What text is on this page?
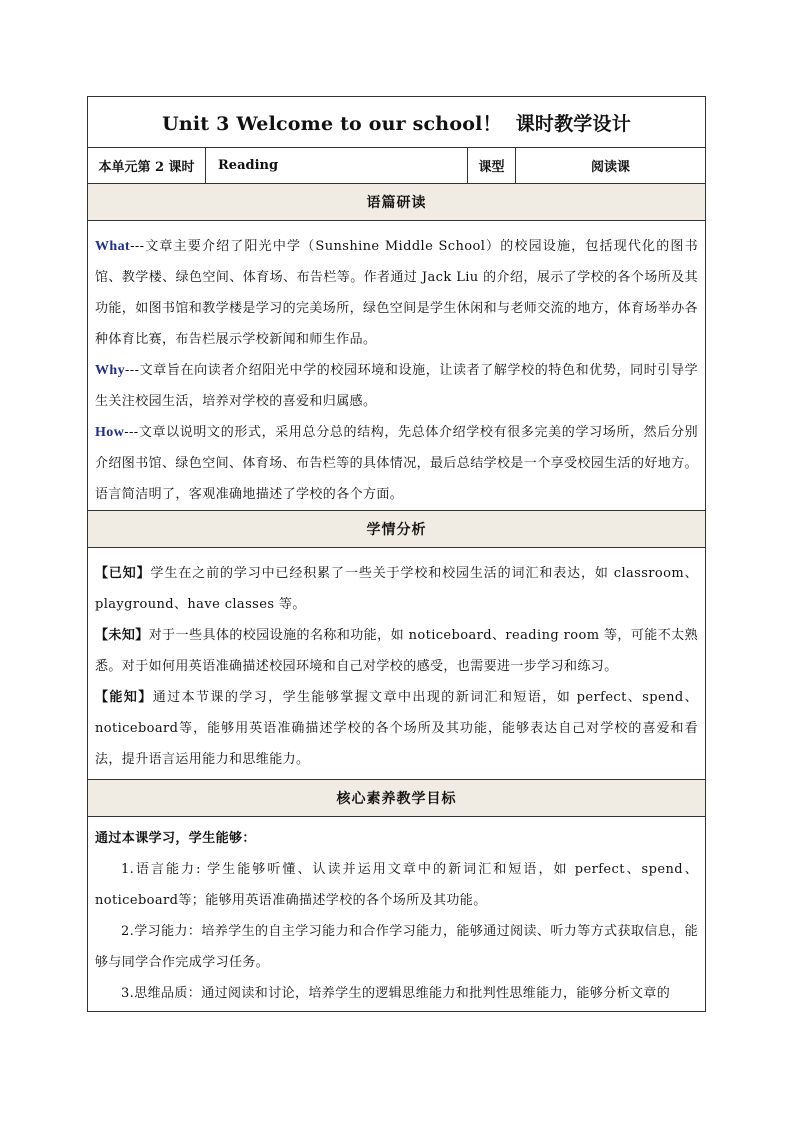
Unit 3 Welcome to our school！ 课时教学设计
本单元第 2 课时	Reading	课型	阅读课
语篇研读

What---文章主要介绍了阳光中学（Sunshine Middle School）的校园设施，包括现代化的图书馆、教学楼、绿色空间、体育场、布告栏等。作者通过 Jack Liu 的介绍，展示了学校的各个场所及其功能，如图书馆和教学楼是学习的完美场所，绿色空间是学生休闲和与老师交流的地方，体育场举办各种体育比赛，布告栏展示学校新闻和师生作品。

Why---文章旨在向读者介绍阳光中学的校园环境和设施，让读者了解学校的特色和优势，同时引导学生关注校园生活，培养对学校的喜爱和归属感。

How---文章以说明文的形式，采用总分总的结构，先总体介绍学校有很多完美的学习场所，然后分别介绍图书馆、绿色空间、体育场、布告栏等的具体情况，最后总结学校是一个享受校园生活的好地方。语言简洁明了，客观准确地描述了学校的各个方面。

学情分析

【已知】学生在之前的学习中已经积累了一些关于学校和校园生活的词汇和表达，如 classroom、playground、have classes 等。

【未知】对于一些具体的校园设施的名称和功能，如 noticeboard、reading room 等，可能不太熟悉。对于如何用英语准确描述校园环境和自己对学校的感受，也需要进一步学习和练习。

【能知】通过本节课的学习，学生能够掌握文章中出现的新词汇和短语，如 perfect、spend、noticeboard等，能够用英语准确描述学校的各个场所及其功能，能够表达自己对学校的喜爱和看法，提升语言运用能力和思维能力。

核心素养教学目标

通过本课学习，学生能够：

1.语言能力: 学生能够听懂、认读并运用文章中的新词汇和短语，如 perfect、spend、noticeboard等；能够用英语准确描述学校的各个场所及其功能。

2.学习能力：培养学生的自主学习能力和合作学习能力，能够通过阅读、听力等方式获取信息，能够与同学合作完成学习任务。

3.思维品质：通过阅读和讨论，培养学生的逻辑思维能力和批判性思维能力，能够分析文章的
